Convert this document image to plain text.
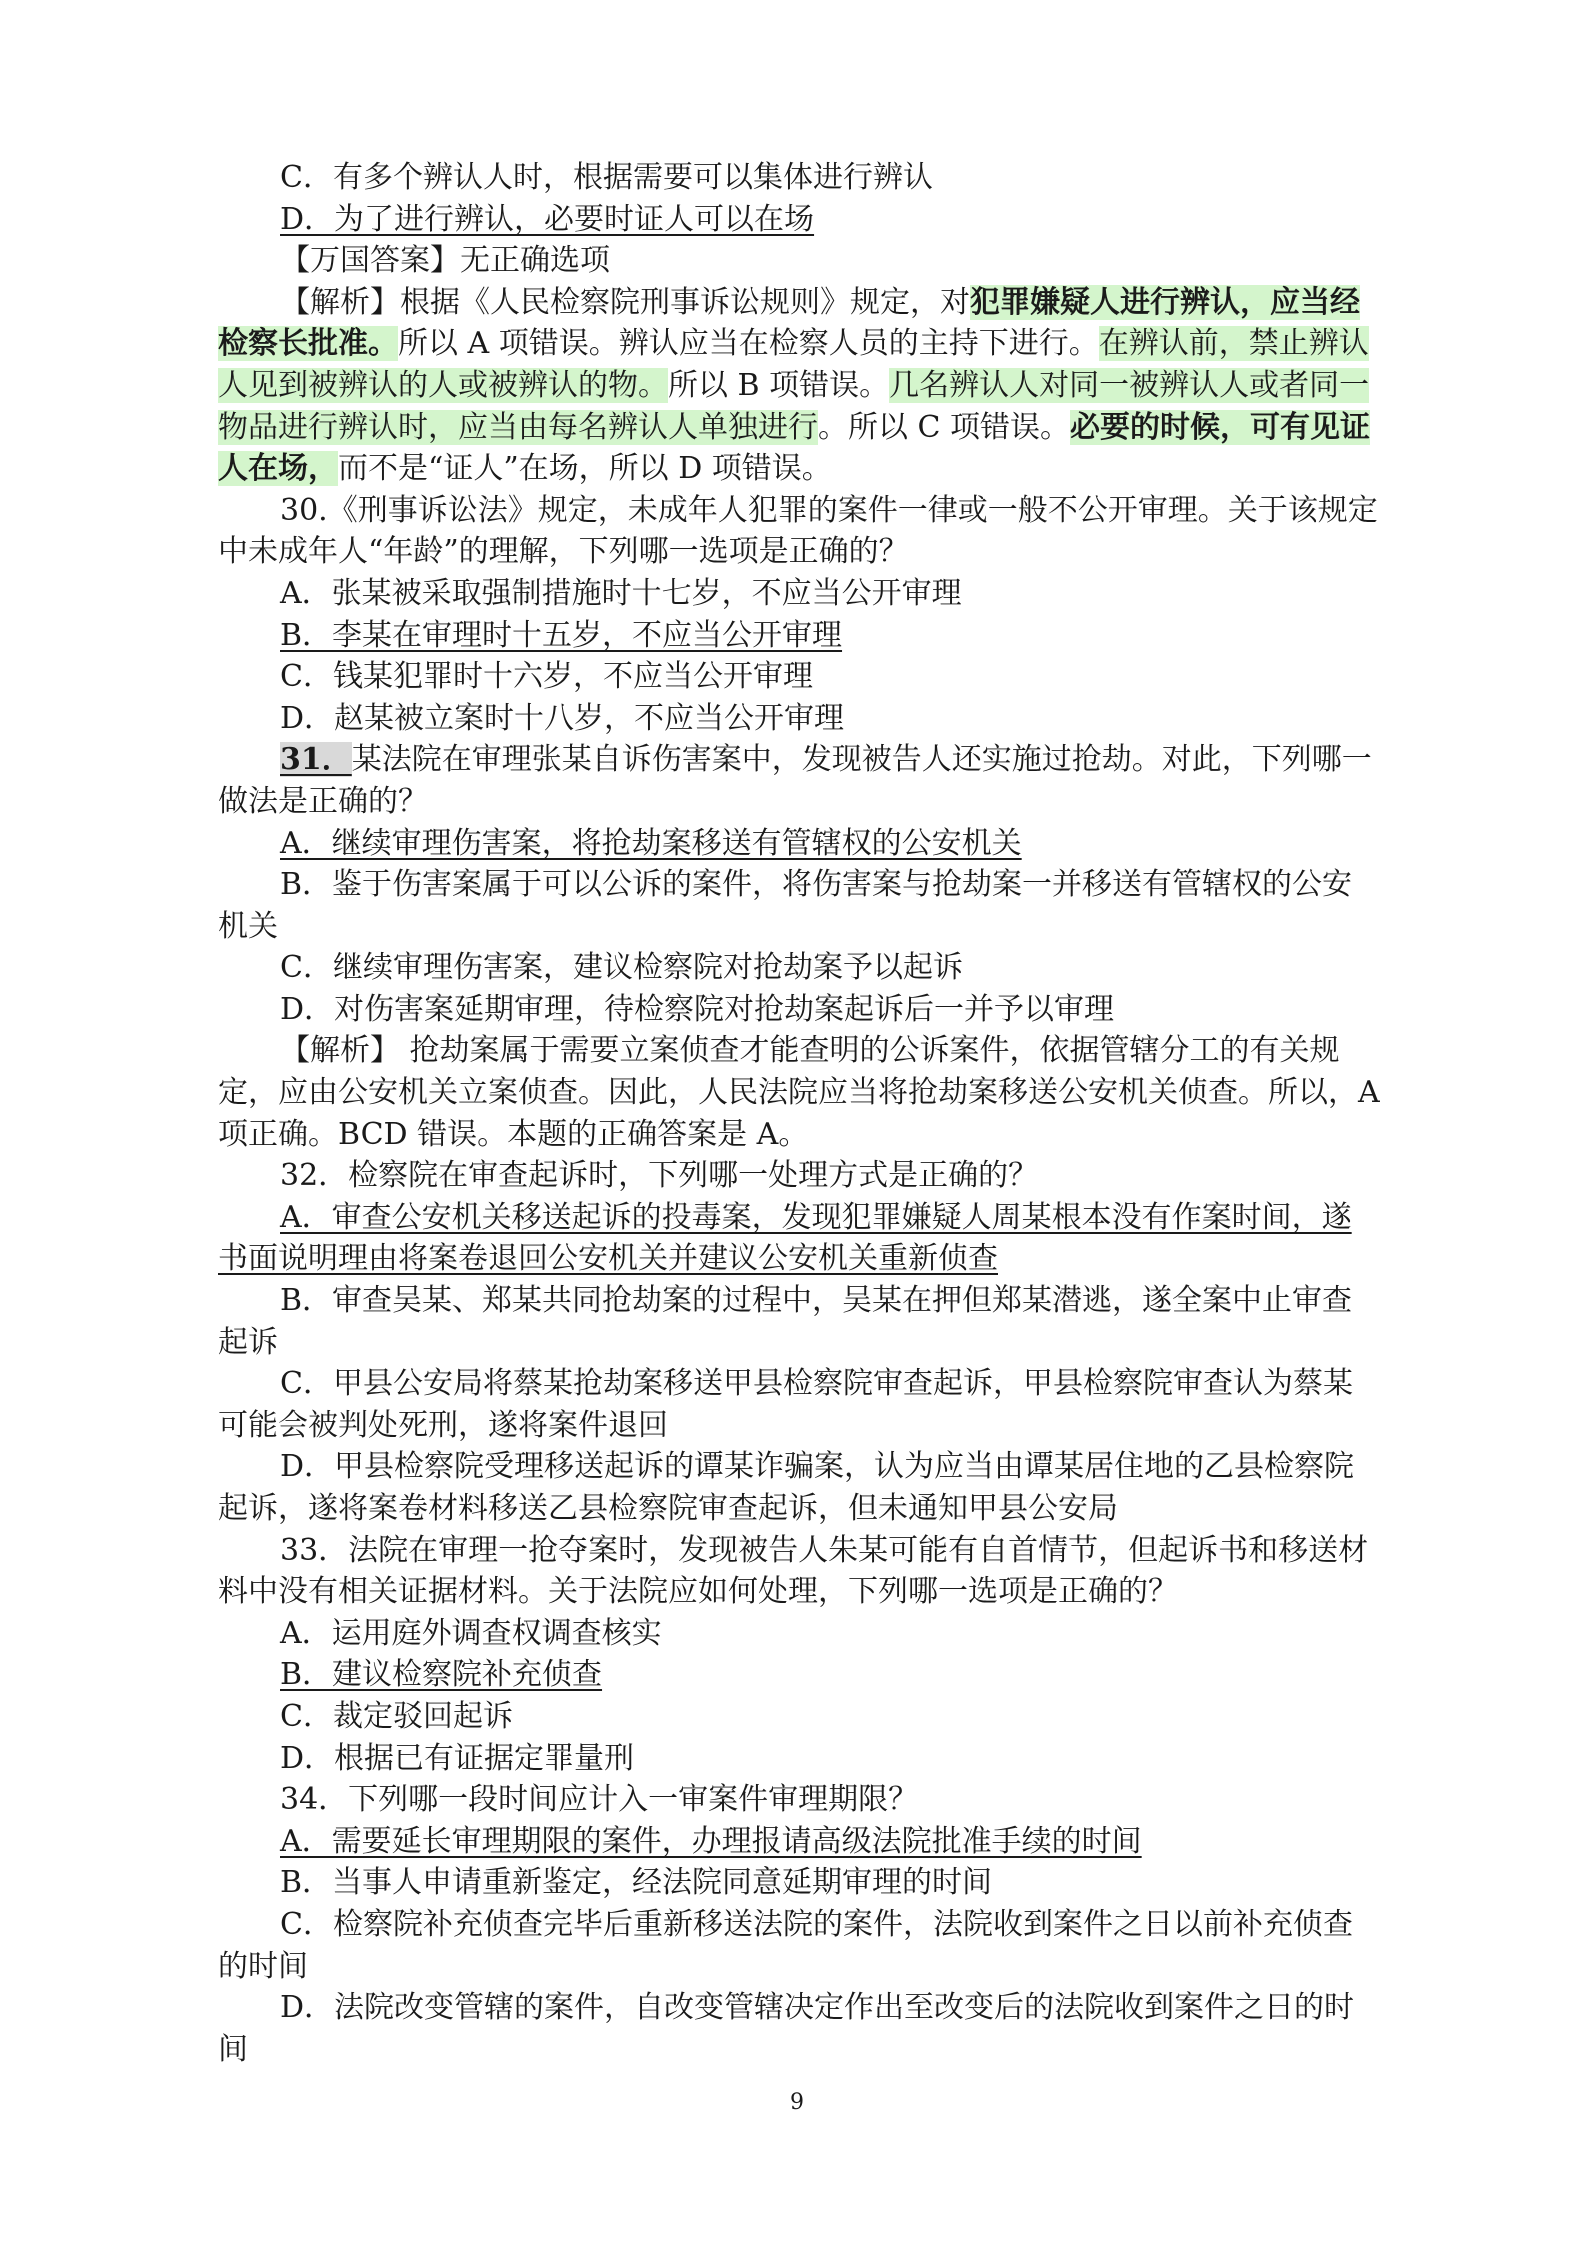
C．有多个辨认人时，根据需要可以集体进行辨认

D．为了进行辨认，必要时证人可以在场

【万国答案】无正确选项

【解析】根据《人民检察院刑事诉讼规则》规定，对犯罪嫌疑人进行辨认，应当经检察长批准。所以 A 项错误。辨认应当在检察人员的主持下进行。在辨认前，禁止辨认人见到被辨认的人或被辨认的物。所以 B 项错误。几名辨认人对同一被辨认人或者同一物品进行辨认时，应当由每名辨认人单独进行。所以 C 项错误。必要的时候，可有见证人在场，而不是“证人”在场，所以 D 项错误。

30.《刑事诉讼法》规定，未成年人犯罪的案件一律或一般不公开审理。关于该规定中未成年人“年龄”的理解，下列哪一选项是正确的？

A．张某被采取强制措施时十七岁，不应当公开审理

B．李某在审理时十五岁，不应当公开审理

C．钱某犯罪时十六岁，不应当公开审理

D．赵某被立案时十八岁，不应当公开审理

31．某法院在审理张某自诉伤害案中，发现被告人还实施过抢劫。对此，下列哪一做法是正确的？

A．继续审理伤害案，将抢劫案移送有管辖权的公安机关

B．鉴于伤害案属于可以公诉的案件，将伤害案与抢劫案一并移送有管辖权的公安机关

C．继续审理伤害案，建议检察院对抢劫案予以起诉

D．对伤害案延期审理，待检察院对抢劫案起诉后一并予以审理

【解析】 抢劫案属于需要立案侦查才能查明的公诉案件，依据管辖分工的有关规定，应由公安机关立案侦查。因此，人民法院应当将抢劫案移送公安机关侦查。所以，A 项正确。BCD 错误。本题的正确答案是 A。

32．检察院在审查起诉时，下列哪一处理方式是正确的？

A．审查公安机关移送起诉的投毒案，发现犯罪嫌疑人周某根本没有作案时间，遂书面说明理由将案卷退回公安机关并建议公安机关重新侦查

B．审查吴某、郑某共同抢劫案的过程中，吴某在押但郑某潜逃，遂全案中止审查起诉

C．甲县公安局将蔡某抢劫案移送甲县检察院审查起诉，甲县检察院审查认为蔡某可能会被判处死刑，遂将案件退回

D．甲县检察院受理移送起诉的谭某诈骗案，认为应当由谭某居住地的乙县检察院起诉，遂将案卷材料移送乙县检察院审查起诉，但未通知甲县公安局

33．法院在审理一抢夺案时，发现被告人朱某可能有自首情节，但起诉书和移送材料中没有相关证据材料。关于法院应如何处理，下列哪一选项是正确的？

A．运用庭外调查权调查核实

B．建议检察院补充侦查

C．裁定驳回起诉

D．根据已有证据定罪量刑

34．下列哪一段时间应计入一审案件审理期限？

A．需要延长审理期限的案件，办理报请高级法院批准手续的时间

B．当事人申请重新鉴定，经法院同意延期审理的时间

C．检察院补充侦查完毕后重新移送法院的案件，法院收到案件之日以前补充侦查的时间

D．法院改变管辖的案件，自改变管辖决定作出至改变后的法院收到案件之日的时间

9
